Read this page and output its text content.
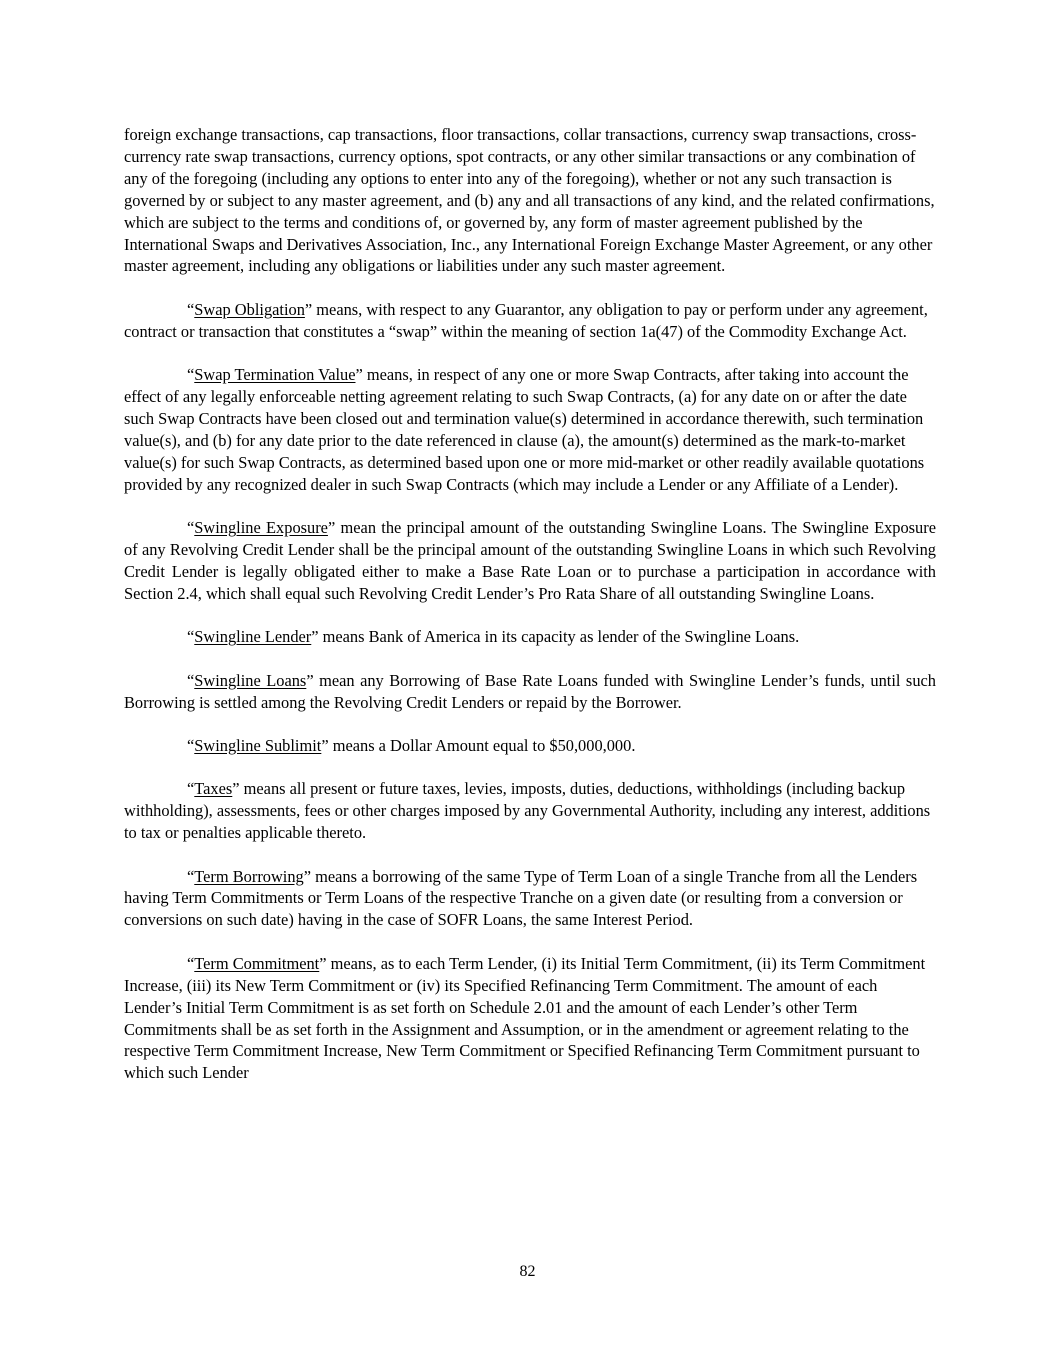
foreign exchange transactions, cap transactions, floor transactions, collar transactions, currency swap transactions, cross-currency rate swap transactions, currency options, spot contracts, or any other similar transactions or any combination of any of the foregoing (including any options to enter into any of the foregoing), whether or not any such transaction is governed by or subject to any master agreement, and (b) any and all transactions of any kind, and the related confirmations, which are subject to the terms and conditions of, or governed by, any form of master agreement published by the International Swaps and Derivatives Association, Inc., any International Foreign Exchange Master Agreement, or any other master agreement, including any obligations or liabilities under any such master agreement.

“Swap Obligation” means, with respect to any Guarantor, any obligation to pay or perform under any agreement, contract or transaction that constitutes a “swap” within the meaning of section 1a(47) of the Commodity Exchange Act.

“Swap Termination Value” means, in respect of any one or more Swap Contracts, after taking into account the effect of any legally enforceable netting agreement relating to such Swap Contracts, (a) for any date on or after the date such Swap Contracts have been closed out and termination value(s) determined in accordance therewith, such termination value(s), and (b) for any date prior to the date referenced in clause (a), the amount(s) determined as the mark-to-market value(s) for such Swap Contracts, as determined based upon one or more mid-market or other readily available quotations provided by any recognized dealer in such Swap Contracts (which may include a Lender or any Affiliate of a Lender).

“Swingline Exposure” mean the principal amount of the outstanding Swingline Loans. The Swingline Exposure of any Revolving Credit Lender shall be the principal amount of the outstanding Swingline Loans in which such Revolving Credit Lender is legally obligated either to make a Base Rate Loan or to purchase a participation in accordance with Section 2.4, which shall equal such Revolving Credit Lender’s Pro Rata Share of all outstanding Swingline Loans.

“Swingline Lender” means Bank of America in its capacity as lender of the Swingline Loans.

“Swingline Loans” mean any Borrowing of Base Rate Loans funded with Swingline Lender’s funds, until such Borrowing is settled among the Revolving Credit Lenders or repaid by the Borrower.

“Swingline Sublimit” means a Dollar Amount equal to $50,000,000.

“Taxes” means all present or future taxes, levies, imposts, duties, deductions, withholdings (including backup withholding), assessments, fees or other charges imposed by any Governmental Authority, including any interest, additions to tax or penalties applicable thereto.

“Term Borrowing” means a borrowing of the same Type of Term Loan of a single Tranche from all the Lenders having Term Commitments or Term Loans of the respective Tranche on a given date (or resulting from a conversion or conversions on such date) having in the case of SOFR Loans, the same Interest Period.

“Term Commitment” means, as to each Term Lender, (i) its Initial Term Commitment, (ii) its Term Commitment Increase, (iii) its New Term Commitment or (iv) its Specified Refinancing Term Commitment. The amount of each Lender’s Initial Term Commitment is as set forth on Schedule 2.01 and the amount of each Lender’s other Term Commitments shall be as set forth in the Assignment and Assumption, or in the amendment or agreement relating to the respective Term Commitment Increase, New Term Commitment or Specified Refinancing Term Commitment pursuant to which such Lender

82
